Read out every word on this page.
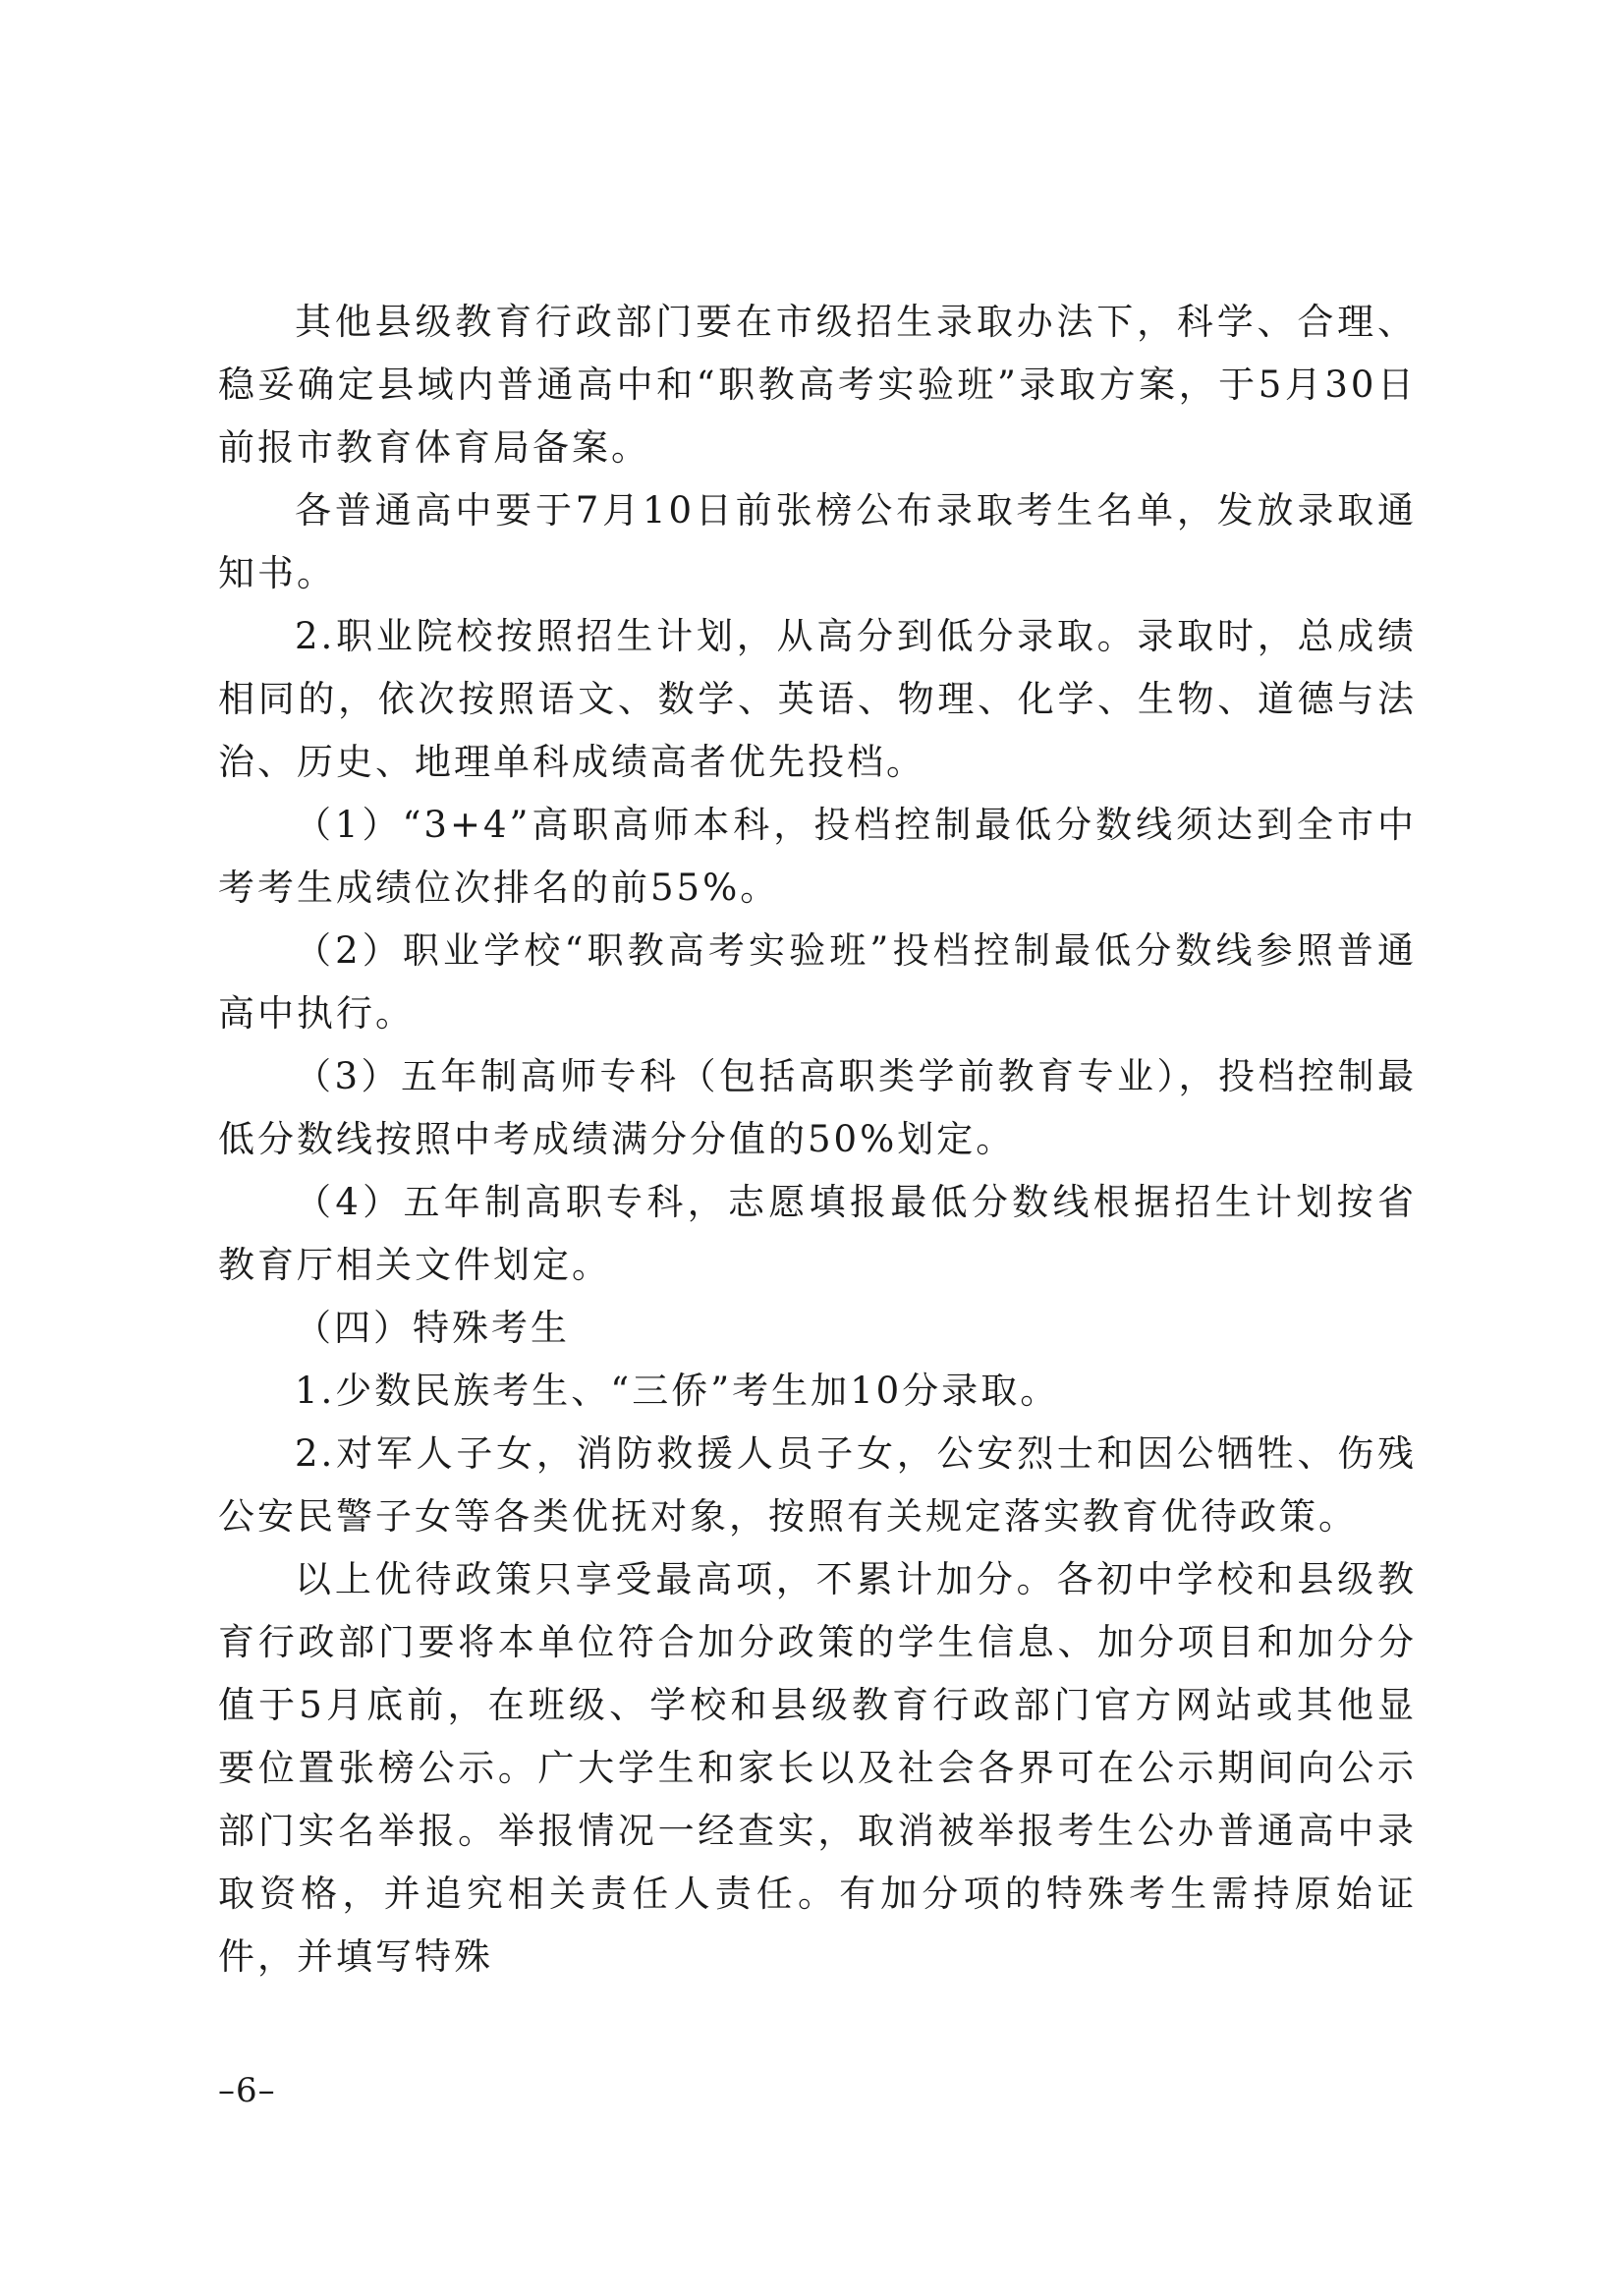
其他县级教育行政部门要在市级招生录取办法下，科学、合理、稳妥确定县域内普通高中和“职教高考实验班”录取方案，于5月30日前报市教育体育局备案。

各普通高中要于7月10日前张榜公布录取考生名单，发放录取通知书。

2.职业院校按照招生计划，从高分到低分录取。录取时，总成绩相同的，依次按照语文、数学、英语、物理、化学、生物、道德与法治、历史、地理单科成绩高者优先投档。

（1）“3+4”高职高师本科，投档控制最低分数线须达到全市中考考生成绩位次排名的前55%。

（2）职业学校“职教高考实验班”投档控制最低分数线参照普通高中执行。

（3）五年制高师专科（包括高职类学前教育专业），投档控制最低分数线按照中考成绩满分分值的50%划定。

（4）五年制高职专科，志愿填报最低分数线根据招生计划按省教育厅相关文件划定。

（四）特殊考生

1.少数民族考生、“三侨”考生加10分录取。

2.对军人子女，消防救援人员子女，公安烈士和因公牺牲、伤残公安民警子女等各类优抚对象，按照有关规定落实教育优待政策。

以上优待政策只享受最高项，不累计加分。各初中学校和县级教育行政部门要将本单位符合加分政策的学生信息、加分项目和加分分值于5月底前，在班级、学校和县级教育行政部门官方网站或其他显要位置张榜公示。广大学生和家长以及社会各界可在公示期间向公示部门实名举报。举报情况一经查实，取消被举报考生公办普通高中录取资格，并追究相关责任人责任。有加分项的特殊考生需持原始证件，并填写特殊

–6–
